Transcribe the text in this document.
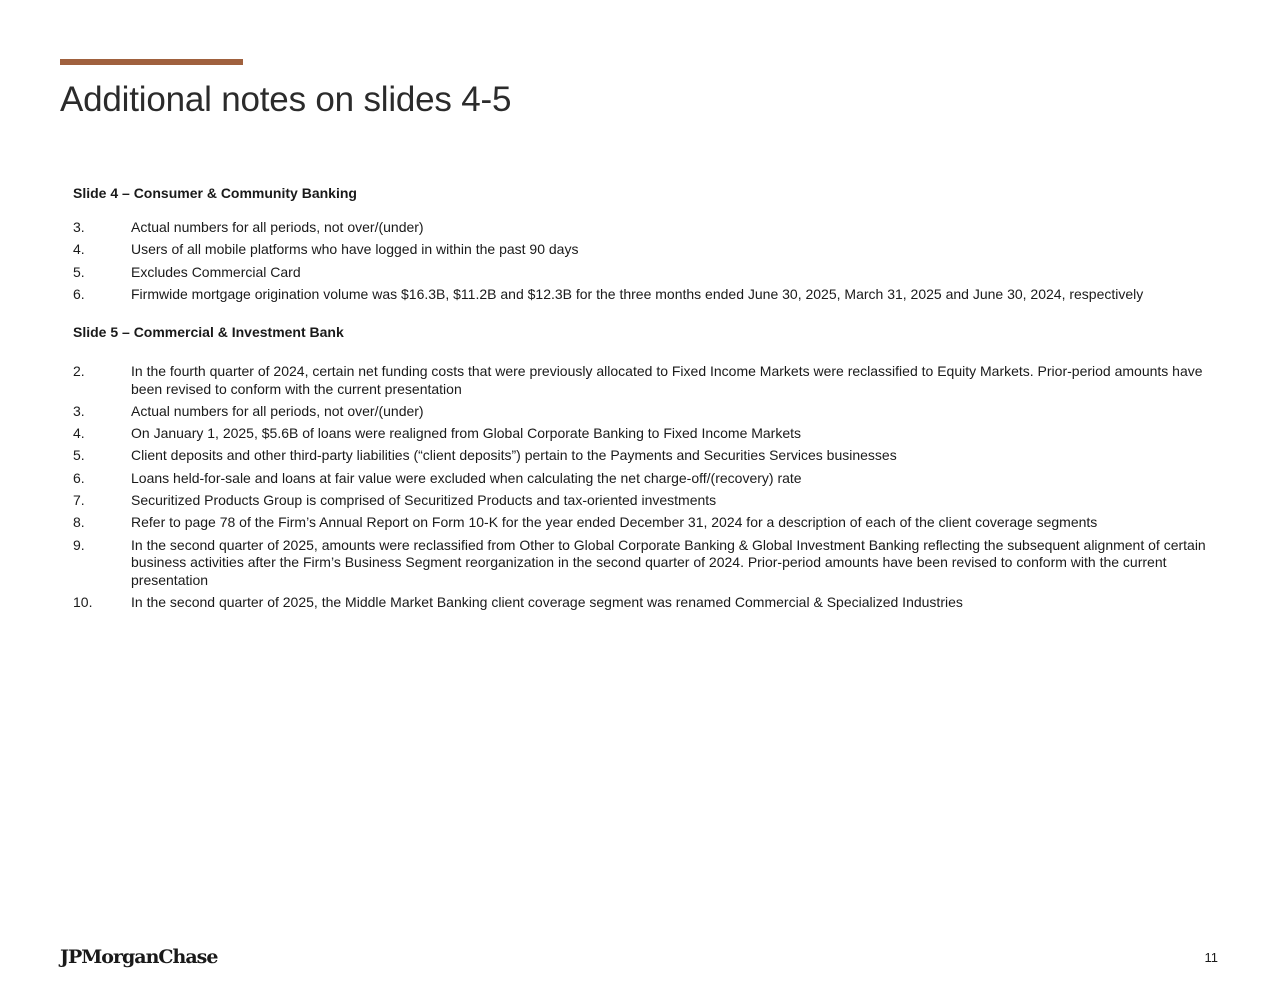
Additional notes on slides 4-5
Slide 4 – Consumer & Community Banking
3.	Actual numbers for all periods, not over/(under)
4.	Users of all mobile platforms who have logged in within the past 90 days
5.	Excludes Commercial Card
6.	Firmwide mortgage origination volume was $16.3B, $11.2B and $12.3B for the three months ended June 30, 2025, March 31, 2025 and June 30, 2024, respectively
Slide 5 – Commercial & Investment Bank
2.	In the fourth quarter of 2024, certain net funding costs that were previously allocated to Fixed Income Markets were reclassified to Equity Markets. Prior-period amounts have been revised to conform with the current presentation
3.	Actual numbers for all periods, not over/(under)
4.	On January 1, 2025, $5.6B of loans were realigned from Global Corporate Banking to Fixed Income Markets
5.	Client deposits and other third-party liabilities (“client deposits”) pertain to the Payments and Securities Services businesses
6.	Loans held-for-sale and loans at fair value were excluded when calculating the net charge-off/(recovery) rate
7.	Securitized Products Group is comprised of Securitized Products and tax-oriented investments
8.	Refer to page 78 of the Firm’s Annual Report on Form 10-K for the year ended December 31, 2024 for a description of each of the client coverage segments
9.	In the second quarter of 2025, amounts were reclassified from Other to Global Corporate Banking & Global Investment Banking reflecting the subsequent alignment of certain business activities after the Firm’s Business Segment reorganization in the second quarter of 2024. Prior-period amounts have been revised to conform with the current presentation
10.	In the second quarter of 2025, the Middle Market Banking client coverage segment was renamed Commercial & Specialized Industries
JPMorganChase	11
